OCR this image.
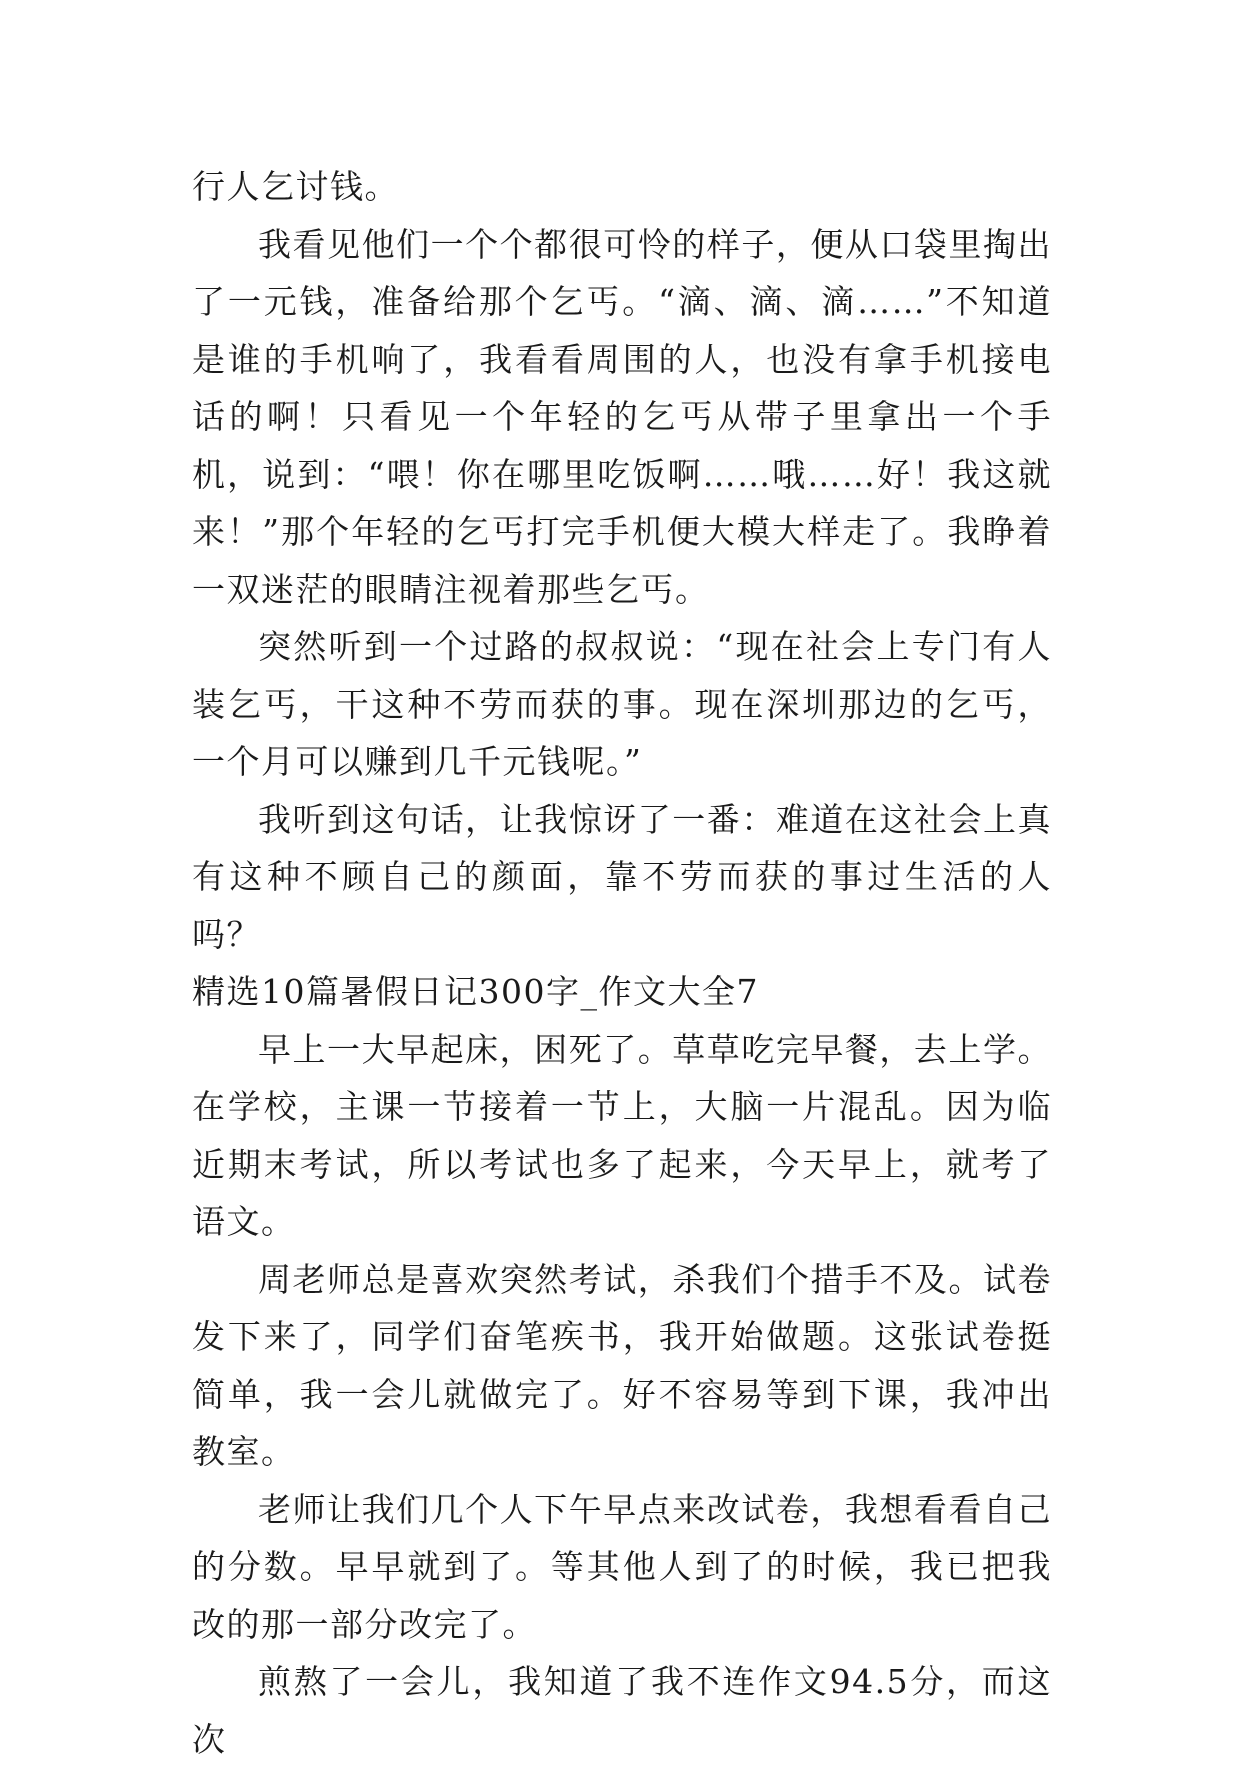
行人乞讨钱。

我看见他们一个个都很可怜的样子，便从口袋里掏出了一元钱，准备给那个乞丐。“滴、滴、滴……”不知道是谁的手机响了，我看看周围的人，也没有拿手机接电话的啊！只看见一个年轻的乞丐从带子里拿出一个手机，说到：“喂！你在哪里吃饭啊……哦……好！我这就来！”那个年轻的乞丐打完手机便大模大样走了。我睁着一双迷茫的眼睛注视着那些乞丐。

突然听到一个过路的叔叔说：“现在社会上专门有人装乞丐，干这种不劳而获的事。现在深圳那边的乞丐，一个月可以赚到几千元钱呢。”

我听到这句话，让我惊讶了一番：难道在这社会上真有这种不顾自己的颜面，靠不劳而获的事过生活的人吗？

精选10篇暑假日记300字_作文大全7

早上一大早起床，困死了。草草吃完早餐，去上学。在学校，主课一节接着一节上，大脑一片混乱。因为临近期末考试，所以考试也多了起来，今天早上，就考了语文。

周老师总是喜欢突然考试，杀我们个措手不及。试卷发下来了，同学们奋笔疾书，我开始做题。这张试卷挺简单，我一会儿就做完了。好不容易等到下课，我冲出教室。

老师让我们几个人下午早点来改试卷，我想看看自己的分数。早早就到了。等其他人到了的时候，我已把我改的那一部分改完了。

煎熬了一会儿，我知道了我不连作文94.5分，而这次
